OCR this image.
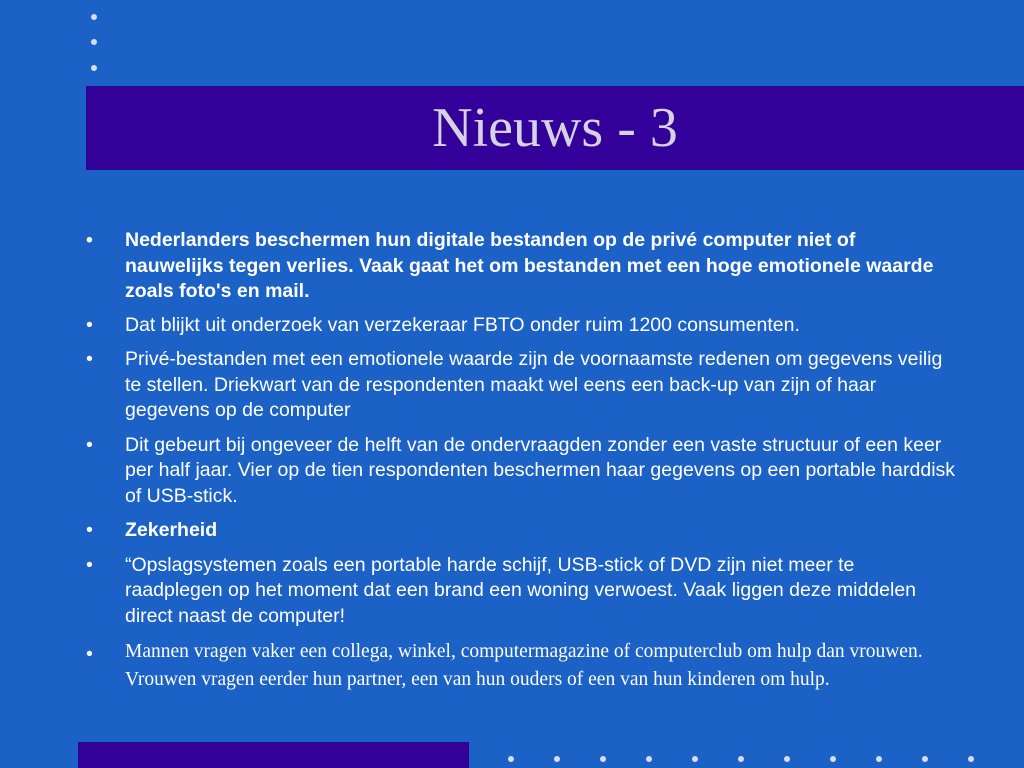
Nieuws - 3
• Nederlanders beschermen hun digitale bestanden op de privé computer niet of nauwelijks tegen verlies. Vaak gaat het om bestanden met een hoge emotionele waarde zoals foto's en mail.
• Dat blijkt uit onderzoek van verzekeraar FBTO onder ruim 1200 consumenten.
• Privé-bestanden met een emotionele waarde zijn de voornaamste redenen om gegevens veilig te stellen. Driekwart van de respondenten maakt wel eens een back-up van zijn of haar gegevens op de computer
• Dit gebeurt bij ongeveer de helft van de ondervraagden zonder een vaste structuur of een keer per half jaar. Vier op de tien respondenten beschermen haar gegevens op een portable harddisk of USB-stick.
• Zekerheid
• “Opslagsystemen zoals een portable harde schijf, USB-stick of DVD zijn niet meer te raadplegen op het moment dat een brand een woning verwoest. Vaak liggen deze middelen direct naast de computer!
• Mannen vragen vaker een collega, winkel, computermagazine of computerclub om hulp dan vrouwen. Vrouwen vragen eerder hun partner, een van hun ouders of een van hun kinderen om hulp.
